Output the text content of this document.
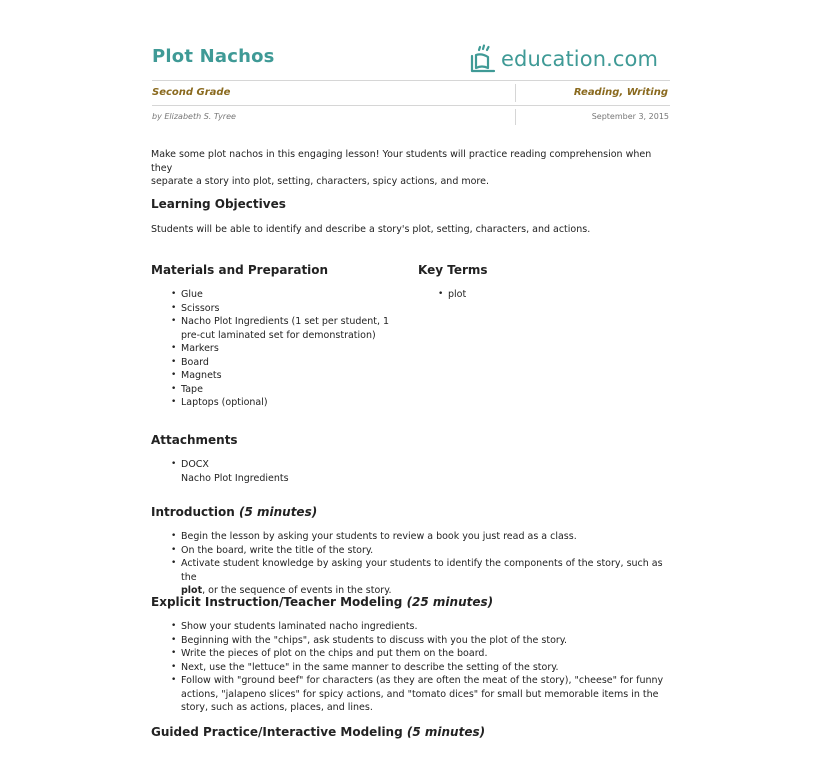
Plot Nachos	education.com
Second Grade	Reading, Writing
by Elizabeth S. Tyree	September 3, 2015
Make some plot nachos in this engaging lesson! Your students will practice reading comprehension when they
separate a story into plot, setting, characters, spicy actions, and more.
Learning Objectives
Students will be able to identify and describe a story's plot, setting, characters, and actions.
Materials and Preparation
• Glue
• Scissors
• Nacho Plot Ingredients (1 set per student, 1
pre-cut laminated set for demonstration)
• Markers
• Board
• Magnets
• Tape
• Laptops (optional)
Key Terms
• plot
Attachments
• DOCX
Nacho Plot Ingredients
Introduction (5 minutes)
• Begin the lesson by asking your students to review a book you just read as a class.
• On the board, write the title of the story.
• Activate student knowledge by asking your students to identify the components of the story, such as the
plot, or the sequence of events in the story.
Explicit Instruction/Teacher Modeling (25 minutes)
• Show your students laminated nacho ingredients.
• Beginning with the "chips", ask students to discuss with you the plot of the story.
• Write the pieces of plot on the chips and put them on the board.
• Next, use the "lettuce" in the same manner to describe the setting of the story.
• Follow with "ground beef" for characters (as they are often the meat of the story), "cheese" for funny
actions, "jalapeno slices" for spicy actions, and "tomato dices" for small but memorable items in the
story, such as actions, places, and lines.
Guided Practice/Interactive Modeling (5 minutes)
